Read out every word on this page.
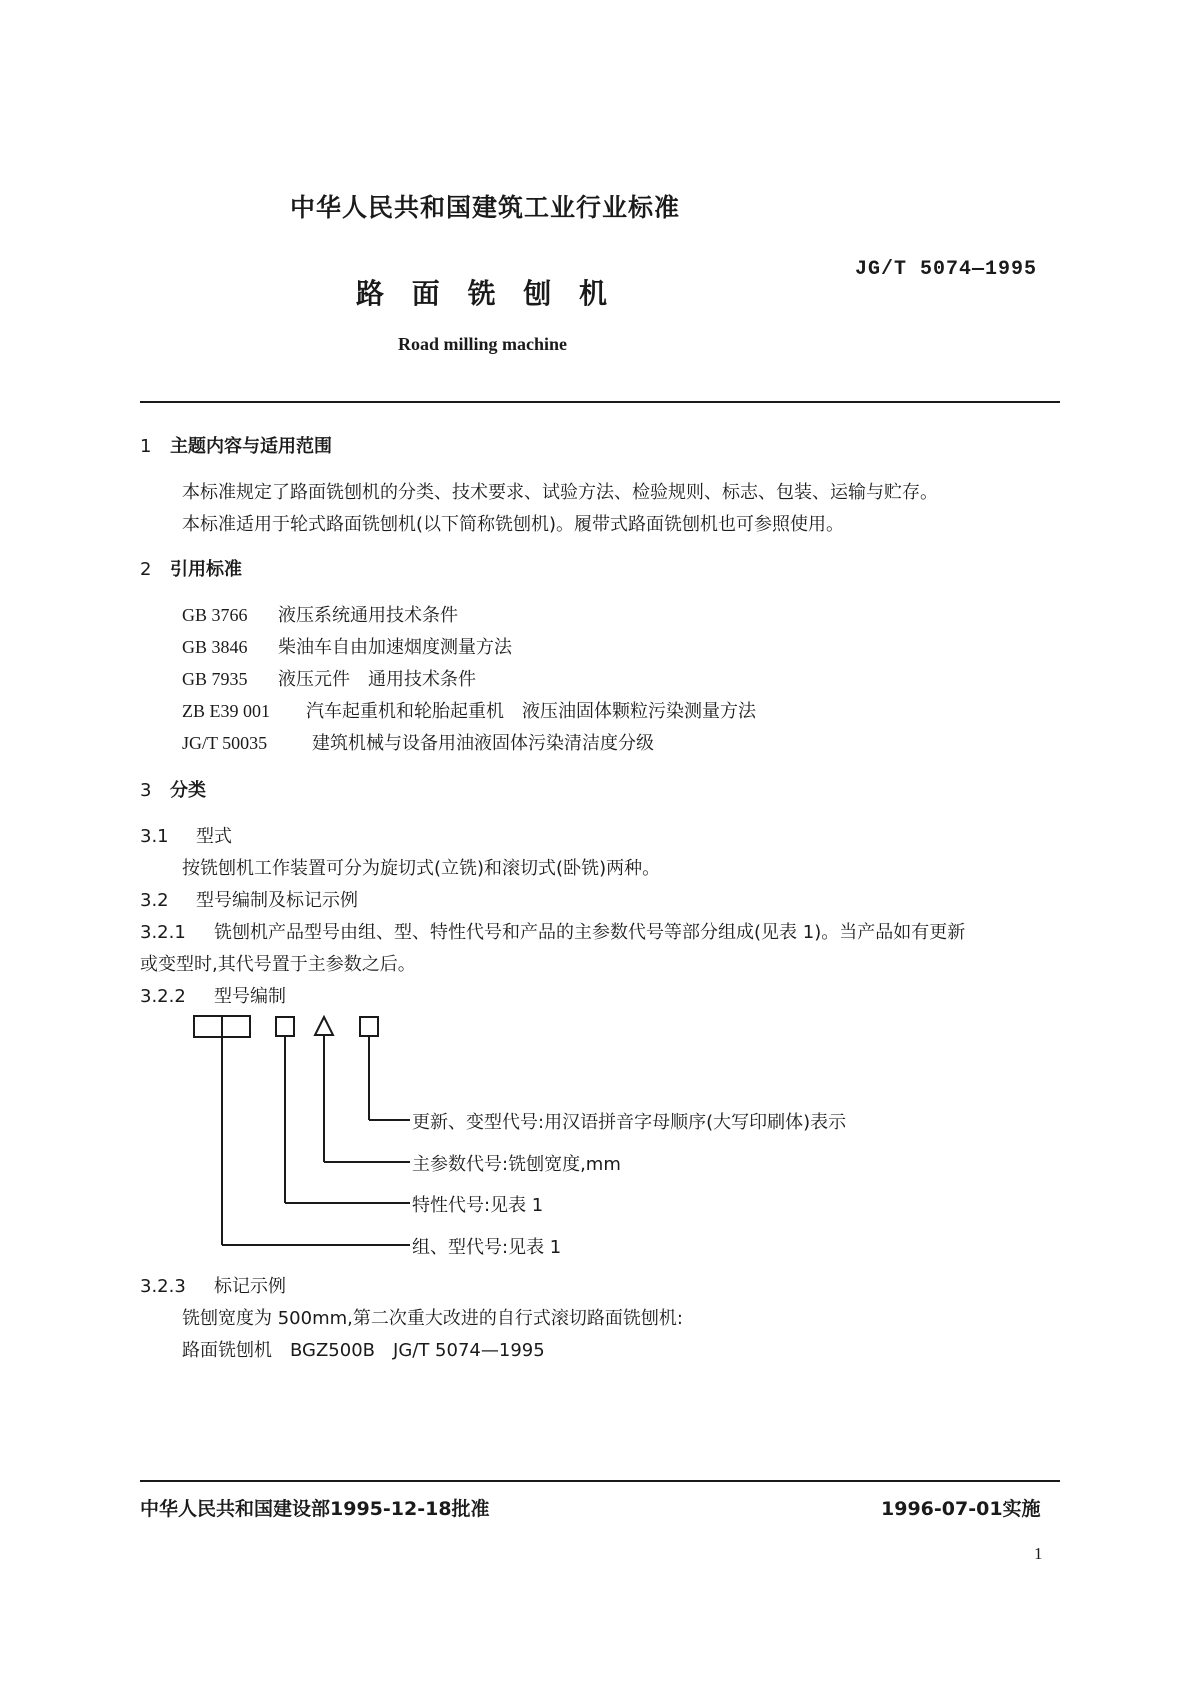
中华人民共和国建筑工业行业标准
路 面 铣 刨 机
JG/T 5074—1995
Road milling machine
1 主题内容与适用范围
本标准规定了路面铣刨机的分类、技术要求、试验方法、检验规则、标志、包装、运输与贮存。
本标准适用于轮式路面铣刨机(以下简称铣刨机)。履带式路面铣刨机也可参照使用。
2 引用标准
GB 3766 液压系统通用技术条件
GB 3846 柴油车自由加速烟度测量方法
GB 7935 液压元件　通用技术条件
ZB E39 001 汽车起重机和轮胎起重机　液压油固体颗粒污染测量方法
JG/T 50035 建筑机械与设备用油液固体污染清洁度分级
3 分类
3.1 型式
按铣刨机工作装置可分为旋切式(立铣)和滚切式(卧铣)两种。
3.2 型号编制及标记示例
3.2.1 铣刨机产品型号由组、型、特性代号和产品的主参数代号等部分组成(见表 1)。当产品如有更新
或变型时,其代号置于主参数之后。
3.2.2 型号编制
更新、变型代号:用汉语拼音字母顺序(大写印刷体)表示
主参数代号:铣刨宽度,mm
特性代号:见表 1
组、型代号:见表 1
3.2.3 标记示例
铣刨宽度为 500mm,第二次重大改进的自行式滚切路面铣刨机:
路面铣刨机　BGZ500B　JG/T 5074—1995
中华人民共和国建设部1995-12-18批准	1996-07-01实施
1
